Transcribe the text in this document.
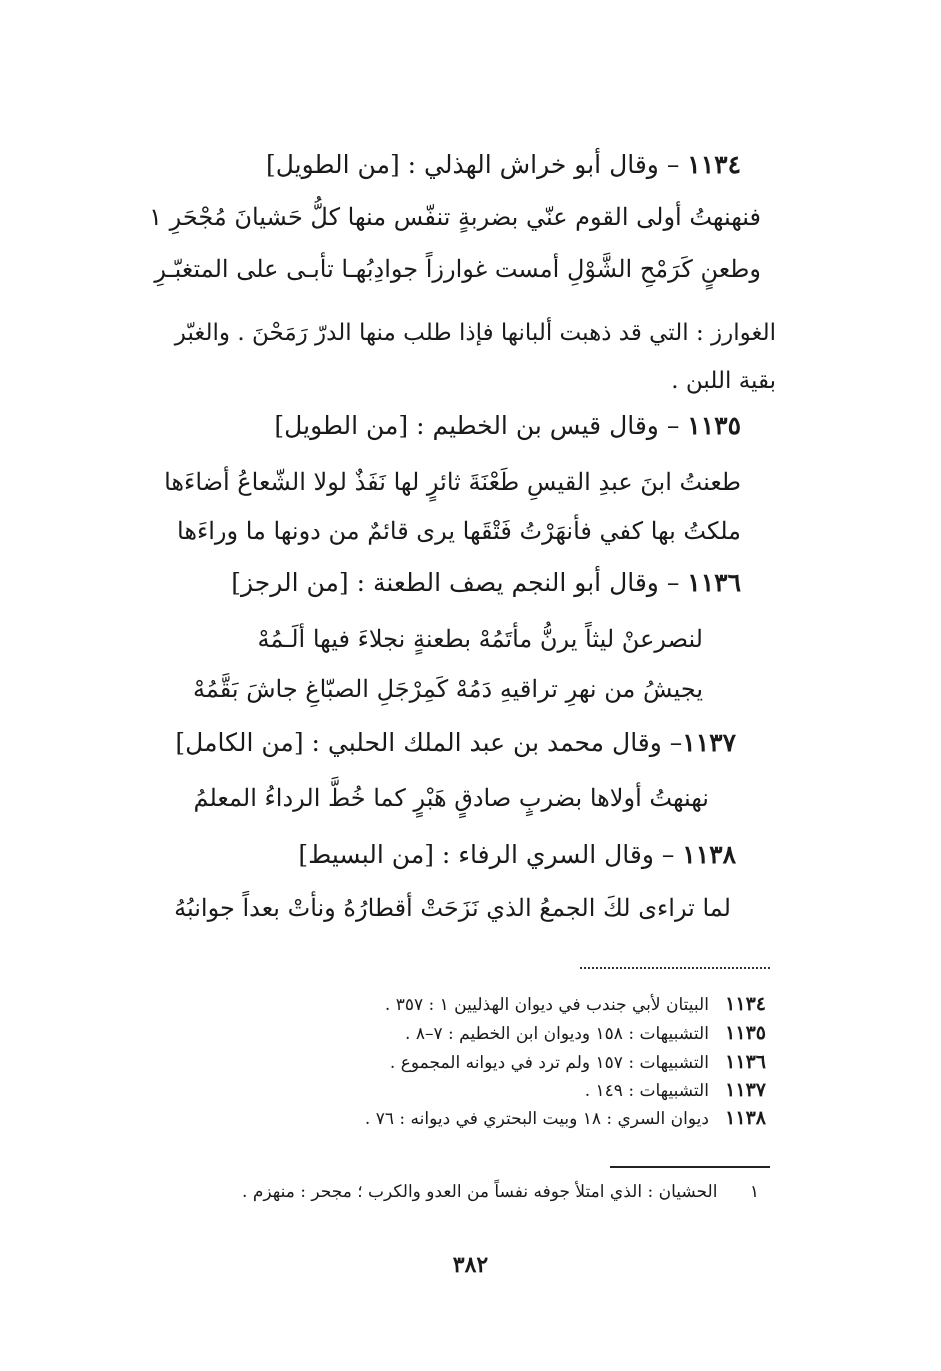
١١٣٤ – وقال أبو خراش الهذلي : [من الطويل]
فنهنهتُ أولى القوم عنّي بضربةٍ تنفّس منها كلُّ حَشيانَ مُجْحَرِ ١
وطعنٍ كَرَمْحِ الشَّوْلِ أمست غوارزاً جوادِبُهـا تأبـى على المتغبّـرِ
الغوارز : التي قد ذهبت ألبانها فإذا طلب منها الدرّ رَمَحْنَ . والغبّر
بقية اللبن .
١١٣٥ – وقال قيس بن الخطيم : [من الطويل]
طعنتُ ابنَ عبدِ القيسِ طَعْنَةَ ثائرٍ لها نَفَذٌ لولا الشّعاعُ أضاءَها
ملكتُ بها كفي فأنهَرْتُ فَتْقَها يرى قائمٌ من دونها ما وراءَها
١١٣٦ – وقال أبو النجم يصف الطعنة : [من الرجز]
لنصرعنْ ليثاً يرنُّ مأتَمُهْ بطعنةٍ نجلاءَ فيها ألَـمُهْ
يجيشُ من نهرِ تراقيهِ دَمُهْ كَمِرْجَلِ الصبّاغِ جاشَ بَقَّمُهْ
١١٣٧– وقال محمد بن عبد الملك الحلبي : [من الكامل]
نهنهتُ أولاها بضربٍ صادقٍ هَبْرٍ كما خُطَّ الرداءُ المعلمُ
١١٣٨ – وقال السري الرفاء : [من البسيط]
لما تراءى لكَ الجمعُ الذي نَزَحَتْ أقطارُهُ ونأتْ بعداً جوانبُهُ
١١٣٤   البيتان لأبي جندب في ديوان الهذليين ١ : ٣٥٧ .
١١٣٥   التشبيهات : ١٥٨ وديوان ابن الخطيم : ٧–٨ .
١١٣٦   التشبيهات : ١٥٧ ولم ترد في ديوانه المجموع .
١١٣٧   التشبيهات : ١٤٩ .
١١٣٨   ديوان السري : ١٨ وبيت البحتري في ديوانه : ٧٦ .
١      الحشيان : الذي امتلأ جوفه نفساً من العدو والكرب ؛ مجحر : منهزم .
٣٨٢
